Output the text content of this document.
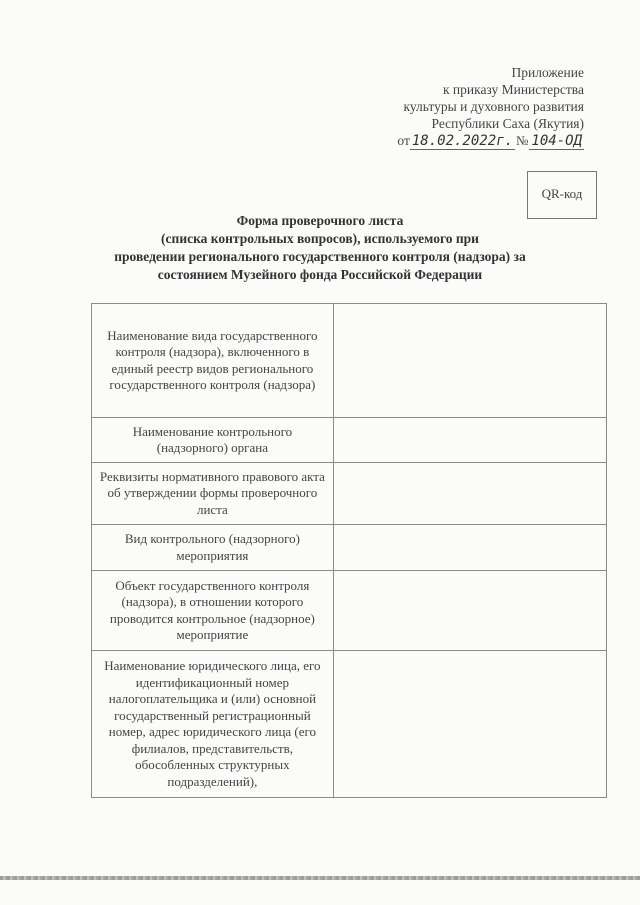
Приложение
к приказу Министерства
культуры и духовного развития
Республики Саха (Якутия)
от 18.02.2022г. № 104-ОД
QR-код
Форма проверочного листа
(списка контрольных вопросов), используемого при
проведении регионального государственного контроля (надзора) за
состоянием Музейного фонда Российской Федерации
Наименование вида государственного контроля (надзора), включенного в единый реестр видов регионального государственного контроля (надзора)	
Наименование контрольного (надзорного) органа	
Реквизиты нормативного правового акта об утверждении формы проверочного листа	
Вид контрольного (надзорного) мероприятия	
Объект государственного контроля (надзора), в отношении которого проводится контрольное (надзорное) мероприятие	
Наименование юридического лица, его идентификационный номер налогоплательщика и (или) основной государственный регистрационный номер, адрес юридического лица (его филиалов, представительств, обособленных структурных подразделений),	
